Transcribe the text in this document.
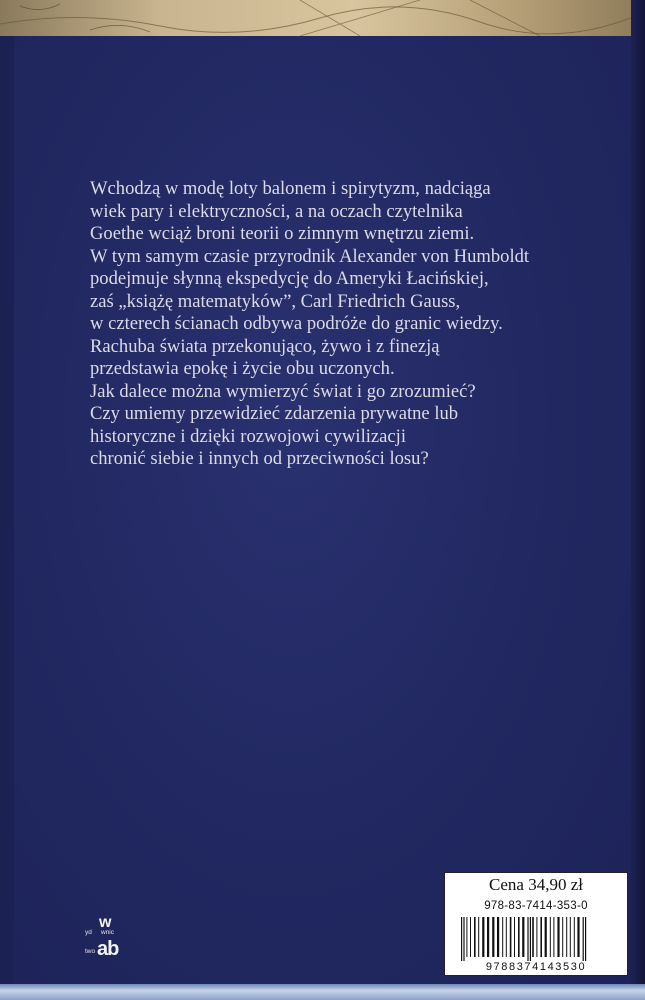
Wchodzą w modę loty balonem i spirytyzm, nadciąga
wiek pary i elektryczności, a na oczach czytelnika
Goethe wciąż broni teorii o zimnym wnętrzu ziemi.
W tym samym czasie przyrodnik Alexander von Humboldt
podejmuje słynną ekspedycję do Ameryki Łacińskiej,
zaś „książę matematyków”, Carl Friedrich Gauss,
w czterech ścianach odbywa podróże do granic wiedzy.
Rachuba świata przekonująco, żywo i z finezją
przedstawia epokę i życie obu uczonych.
Jak dalece można wymierzyć świat i go zrozumieć?
Czy umiemy przewidzieć zdarzenia prywatne lub
historyczne i dzięki rozwojowi cywilizacji
chronić siebie i innych od przeciwności losu?
w
yd wnic
ab
two
Cena 34,90 zł
978-83-7414-353-0
9788374143530
